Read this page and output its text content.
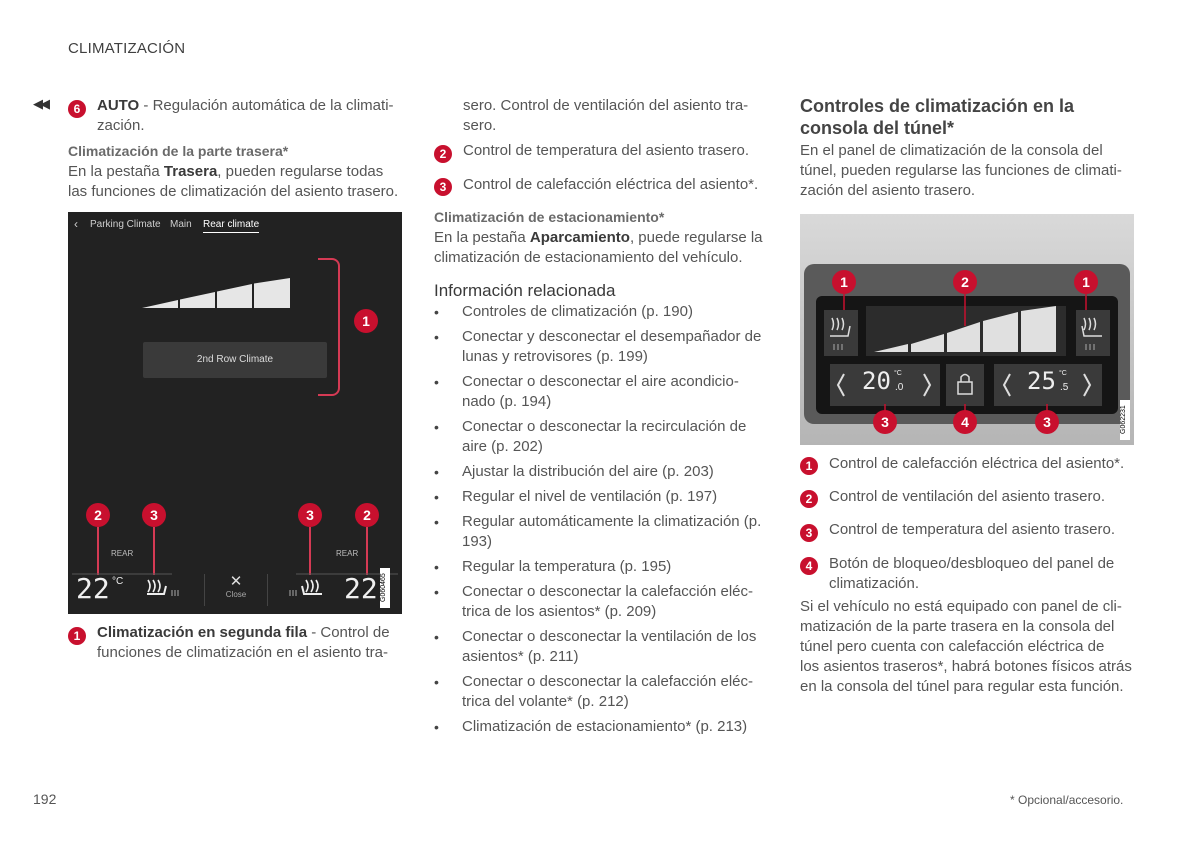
CLIMATIZACIÓN
◀◀
192	* Opcional/accesorio.
6	AUTO - Regulación automática de la climati-
zación.
Climatización de la parte trasera*
En la pestaña Trasera, pueden regularse todas
las funciones de climatización del asiento trasero.
‹ Parking Climate Main Rear climate
2nd Row Climate
1
2	3	3	2
REAR	REAR
22 °C	✕
Close	22 G060465
1	Climatización en segunda fila - Control de
funciones de climatización en el asiento tra-
sero. Control de ventilación del asiento tra-
sero.
2	Control de temperatura del asiento trasero.
3	Control de calefacción eléctrica del asiento*.
Climatización de estacionamiento*
En la pestaña Aparcamiento, puede regularse la
climatización de estacionamiento del vehículo.
Información relacionada
• Controles de climatización (p. 190)
• Conectar y desconectar el desempañador de lunas y retrovisores (p. 199)
• Conectar o desconectar el aire acondicio-nado (p. 194)
• Conectar o desconectar la recirculación de aire (p. 202)
• Ajustar la distribución del aire (p. 203)
• Regular el nivel de ventilación (p. 197)
• Regular automáticamente la climatización (p. 193)
• Regular la temperatura (p. 195)
• Conectar o desconectar la calefacción eléc-trica de los asientos* (p. 209)
• Conectar o desconectar la ventilación de los asientos* (p. 211)
• Conectar o desconectar la calefacción eléc-trica del volante* (p. 212)
• Climatización de estacionamiento* (p. 213)
Controles de climatización en la
consola del túnel*
En el panel de climatización de la consola del
túnel, pueden regularse las funciones de climati-
zación del asiento trasero.
20 °C
.0	25 °C
.5
1	2	1
3	4	3	G062231
1	Control de calefacción eléctrica del asiento*.
2	Control de ventilación del asiento trasero.
3	Control de temperatura del asiento trasero.
4	Botón de bloqueo/desbloqueo del panel de climatización.
Si el vehículo no está equipado con panel de cli-
matización de la parte trasera en la consola del
túnel pero cuenta con calefacción eléctrica de
los asientos traseros*, habrá botones físicos atrás
en la consola del túnel para regular esta función.
